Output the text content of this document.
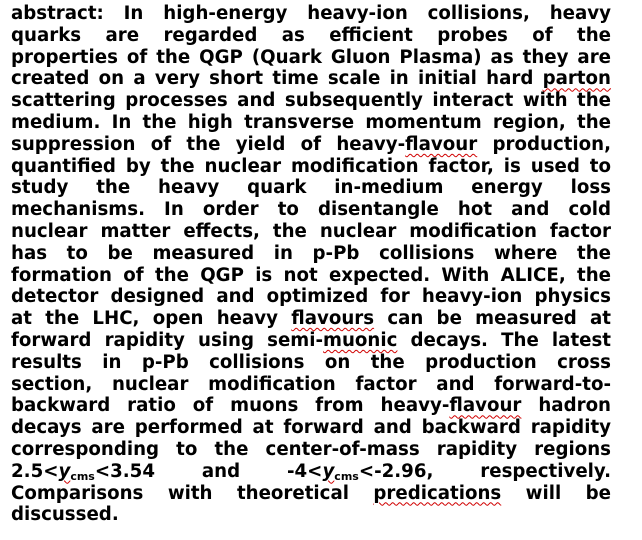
abstract: In high-energy heavy-ion collisions, heavy
quarks are regarded as efficient probes of the
properties of the QGP (Quark Gluon Plasma) as they are
created on a very short time scale in initial hard parton
scattering processes and subsequently interact with the
medium. In the high transverse momentum region, the
suppression of the yield of heavy-flavour production,
quantified by the nuclear modification factor, is used to
study the heavy quark in-medium energy loss
mechanisms. In order to disentangle hot and cold
nuclear matter effects, the nuclear modification factor
has to be measured in p-Pb collisions where the
formation of the QGP is not expected. With ALICE, the
detector designed and optimized for heavy-ion physics
at the LHC, open heavy flavours can be measured at
forward rapidity using semi-muonic decays. The latest
results in p-Pb collisions on the production cross
section, nuclear modification factor and forward-to-
backward ratio of muons from heavy-flavour hadron
decays are performed at forward and backward rapidity
corresponding to the center-of-mass rapidity regions
$2.5<y_{cms}<3.54$ and $-4<y_{cms}<-2.96$, respectively.
Comparisons with theoretical predications will be
discussed.
